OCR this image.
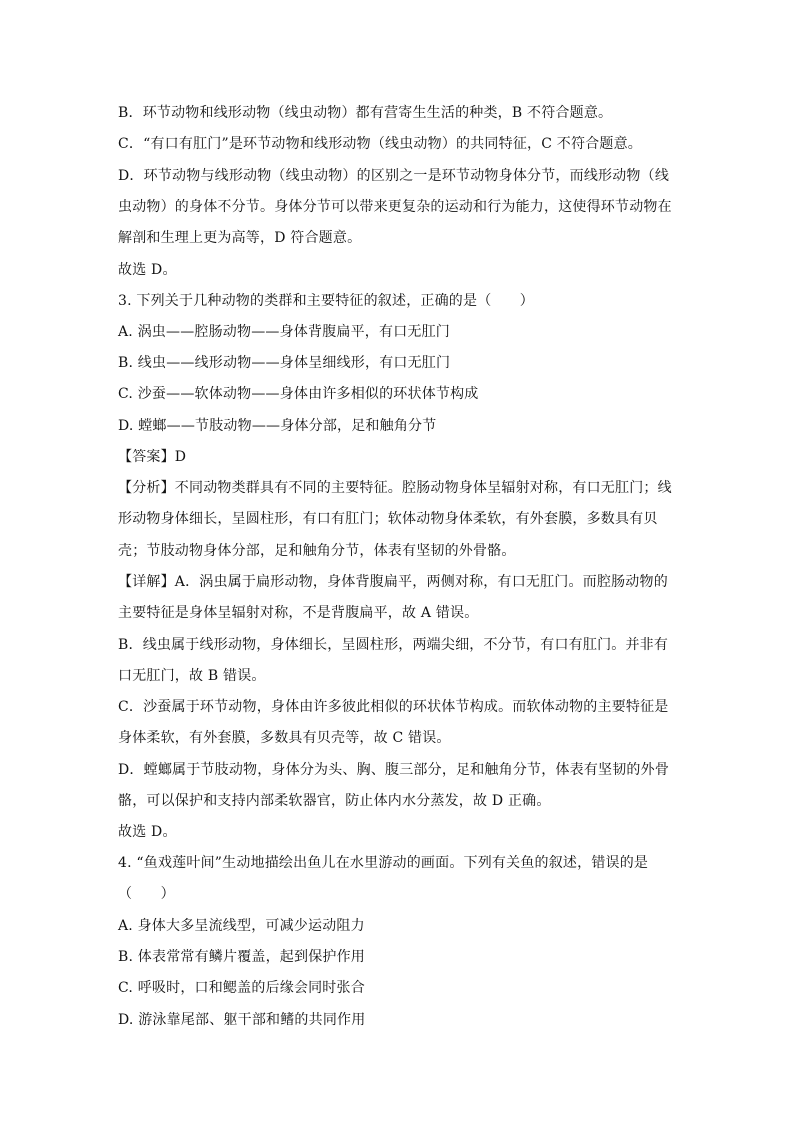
B．环节动物和线形动物（线虫动物）都有营寄生生活的种类，B 不符合题意。
C．“有口有肛门”是环节动物和线形动物（线虫动物）的共同特征，C 不符合题意。
D．环节动物与线形动物（线虫动物）的区别之一是环节动物身体分节，而线形动物（线
虫动物）的身体不分节。身体分节可以带来更复杂的运动和行为能力，这使得环节动物在
解剖和生理上更为高等，D 符合题意。
故选 D。
3. 下列关于几种动物的类群和主要特征的叙述，正确的是（　　）
A. 涡虫——腔肠动物——身体背腹扁平，有口无肛门
B. 线虫——线形动物——身体呈细线形，有口无肛门
C. 沙蚕——软体动物——身体由许多相似的环状体节构成
D. 螳螂——节肢动物——身体分部，足和触角分节
【答案】D
【分析】不同动物类群具有不同的主要特征。腔肠动物身体呈辐射对称，有口无肛门；线
形动物身体细长，呈圆柱形，有口有肛门；软体动物身体柔软，有外套膜，多数具有贝
壳；节肢动物身体分部，足和触角分节，体表有坚韧的外骨骼。
【详解】A．涡虫属于扁形动物，身体背腹扁平，两侧对称，有口无肛门。而腔肠动物的
主要特征是身体呈辐射对称，不是背腹扁平，故 A 错误。
B．线虫属于线形动物，身体细长，呈圆柱形，两端尖细，不分节，有口有肛门。并非有
口无肛门，故 B 错误。
C．沙蚕属于环节动物，身体由许多彼此相似的环状体节构成。而软体动物的主要特征是
身体柔软，有外套膜，多数具有贝壳等，故 C 错误。
D．螳螂属于节肢动物，身体分为头、胸、腹三部分，足和触角分节，体表有坚韧的外骨
骼，可以保护和支持内部柔软器官，防止体内水分蒸发，故 D 正确。
故选 D。
4. “鱼戏莲叶间”生动地描绘出鱼儿在水里游动的画面。下列有关鱼的叙述，错误的是
（　　）
A. 身体大多呈流线型，可减少运动阻力
B. 体表常常有鳞片覆盖，起到保护作用
C. 呼吸时，口和鳃盖的后缘会同时张合
D. 游泳靠尾部、躯干部和鳍的共同作用
